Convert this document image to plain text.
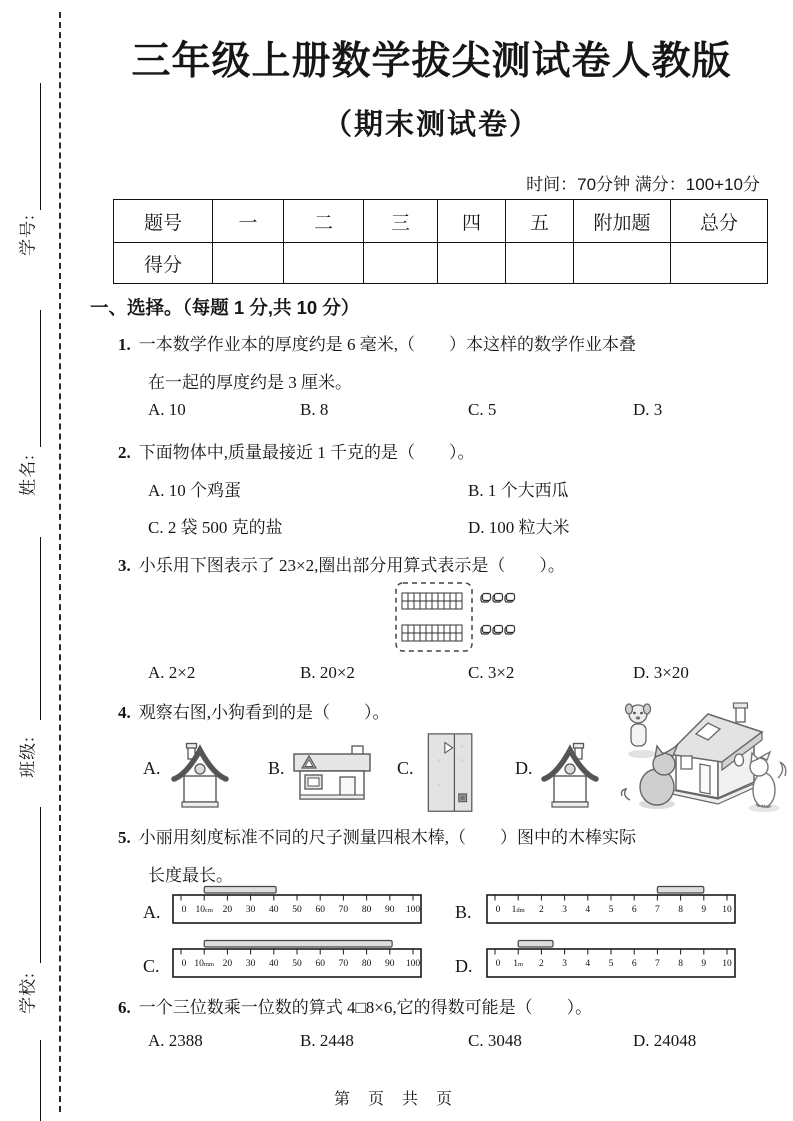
学号:
姓名:
班级:
学校:
三年级上册数学拔尖测试卷人教版
（期末测试卷）
时间：70分钟 满分：100+10分
题号	一	二	三	四	五	附加题	总分
得分							
一、选择。（每题 1 分,共 10 分）
1. 一本数学作业本的厚度约是 6 毫米,（　　）本这样的数学作业本叠
在一起的厚度约是 3 厘米。
A. 10	B. 8	C. 5	D. 3
2. 下面物体中,质量最接近 1 千克的是（　　）。
A. 10 个鸡蛋	B. 1 个大西瓜
C. 2 袋 500 克的盐	D. 100 粒大米
3. 小乐用下图表示了 23×2,圈出部分用算式表示是（　　）。
A. 2×2	B. 20×2	C. 3×2	D. 3×20
4. 观察右图,小狗看到的是（　　）。
A.	B.	C.	D.
5. 小丽用刻度标准不同的尺子测量四根木棒,（　　）图中的木棒实际
长度最长。
A. 0 10cm 20 30 40 50 60 70 80 90 100 B.	0 1dm 2 3 4 5 6 7 8 9 10
C. 0 10mm 20 30 40 50 60 70 80 90 100 D. 0 1m 2 3 4 5 6 7 8 9 10
6. 一个三位数乘一位数的算式 4□8×6,它的得数可能是（　　）。
A. 2388	B. 2448	C. 3048	D. 24048
第 页 共 页
